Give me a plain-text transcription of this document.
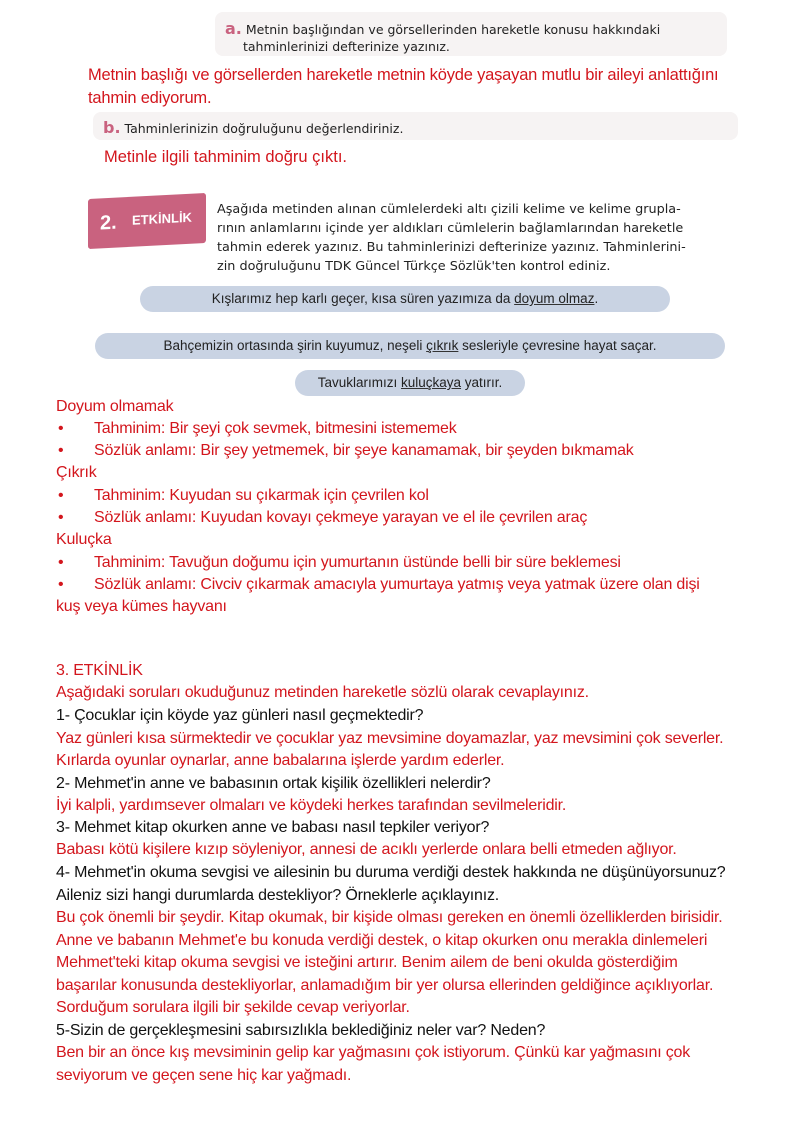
a. Metnin başlığından ve görsellerinden hareketle konusu hakkındaki
tahminlerinizi defterinize yazınız.
Metnin başlığı ve görsellerden hareketle metnin köyde yaşayan mutlu bir aileyi anlattığını
tahmin ediyorum.
b. Tahminlerinizin doğruluğunu değerlendiriniz.
Metinle ilgili tahminim doğru çıktı.
2. ETKİNLİK
Aşağıda metinden alınan cümlelerdeki altı çizili kelime ve kelime grupla-
rının anlamlarını içinde yer aldıkları cümlelerin bağlamlarından hareketle
tahmin ederek yazınız. Bu tahminlerinizi defterinize yazınız. Tahminlerini-
zin doğruluğunu TDK Güncel Türkçe Sözlük'ten kontrol ediniz.
Kışlarımız hep karlı geçer, kısa süren yazımıza da doyum olmaz.
Bahçemizin ortasında şirin kuyumuz, neşeli çıkrık sesleriyle çevresine hayat saçar.
Tavuklarımızı kuluçkaya yatırır.
Doyum olmamak
• Tahminim: Bir şeyi çok sevmek, bitmesini istememek
• Sözlük anlamı: Bir şey yetmemek, bir şeye kanamamak, bir şeyden bıkmamak
Çıkrık
• Tahminim: Kuyudan su çıkarmak için çevrilen kol
• Sözlük anlamı: Kuyudan kovayı çekmeye yarayan ve el ile çevrilen araç
Kuluçka
• Tahminim: Tavuğun doğumu için yumurtanın üstünde belli bir süre beklemesi
• Sözlük anlamı: Civciv çıkarmak amacıyla yumurtaya yatmış veya yatmak üzere olan dişi
kuş veya kümes hayvanı
3. ETKİNLİK
Aşağıdaki soruları okuduğunuz metinden hareketle sözlü olarak cevaplayınız.
1- Çocuklar için köyde yaz günleri nasıl geçmektedir?
Yaz günleri kısa sürmektedir ve çocuklar yaz mevsimine doyamazlar, yaz mevsimini çok severler.
Kırlarda oyunlar oynarlar, anne babalarına işlerde yardım ederler.
2- Mehmet'in anne ve babasının ortak kişilik özellikleri nelerdir?
İyi kalpli, yardımsever olmaları ve köydeki herkes tarafından sevilmeleridir.
3- Mehmet kitap okurken anne ve babası nasıl tepkiler veriyor?
Babası kötü kişilere kızıp söyleniyor, annesi de acıklı yerlerde onlara belli etmeden ağlıyor.
4- Mehmet'in okuma sevgisi ve ailesinin bu duruma verdiği destek hakkında ne düşünüyorsunuz?
Aileniz sizi hangi durumlarda destekliyor? Örneklerle açıklayınız.
Bu çok önemli bir şeydir. Kitap okumak, bir kişide olması gereken en önemli özelliklerden birisidir.
Anne ve babanın Mehmet'e bu konuda verdiği destek, o kitap okurken onu merakla dinlemeleri
Mehmet'teki kitap okuma sevgisi ve isteğini artırır. Benim ailem de beni okulda gösterdiğim
başarılar konusunda destekliyorlar, anlamadığım bir yer olursa ellerinden geldiğince açıklıyorlar.
Sorduğum sorulara ilgili bir şekilde cevap veriyorlar.
5-Sizin de gerçekleşmesini sabırsızlıkla beklediğiniz neler var? Neden?
Ben bir an önce kış mevsiminin gelip kar yağmasını çok istiyorum. Çünkü kar yağmasını çok
seviyorum ve geçen sene hiç kar yağmadı.
